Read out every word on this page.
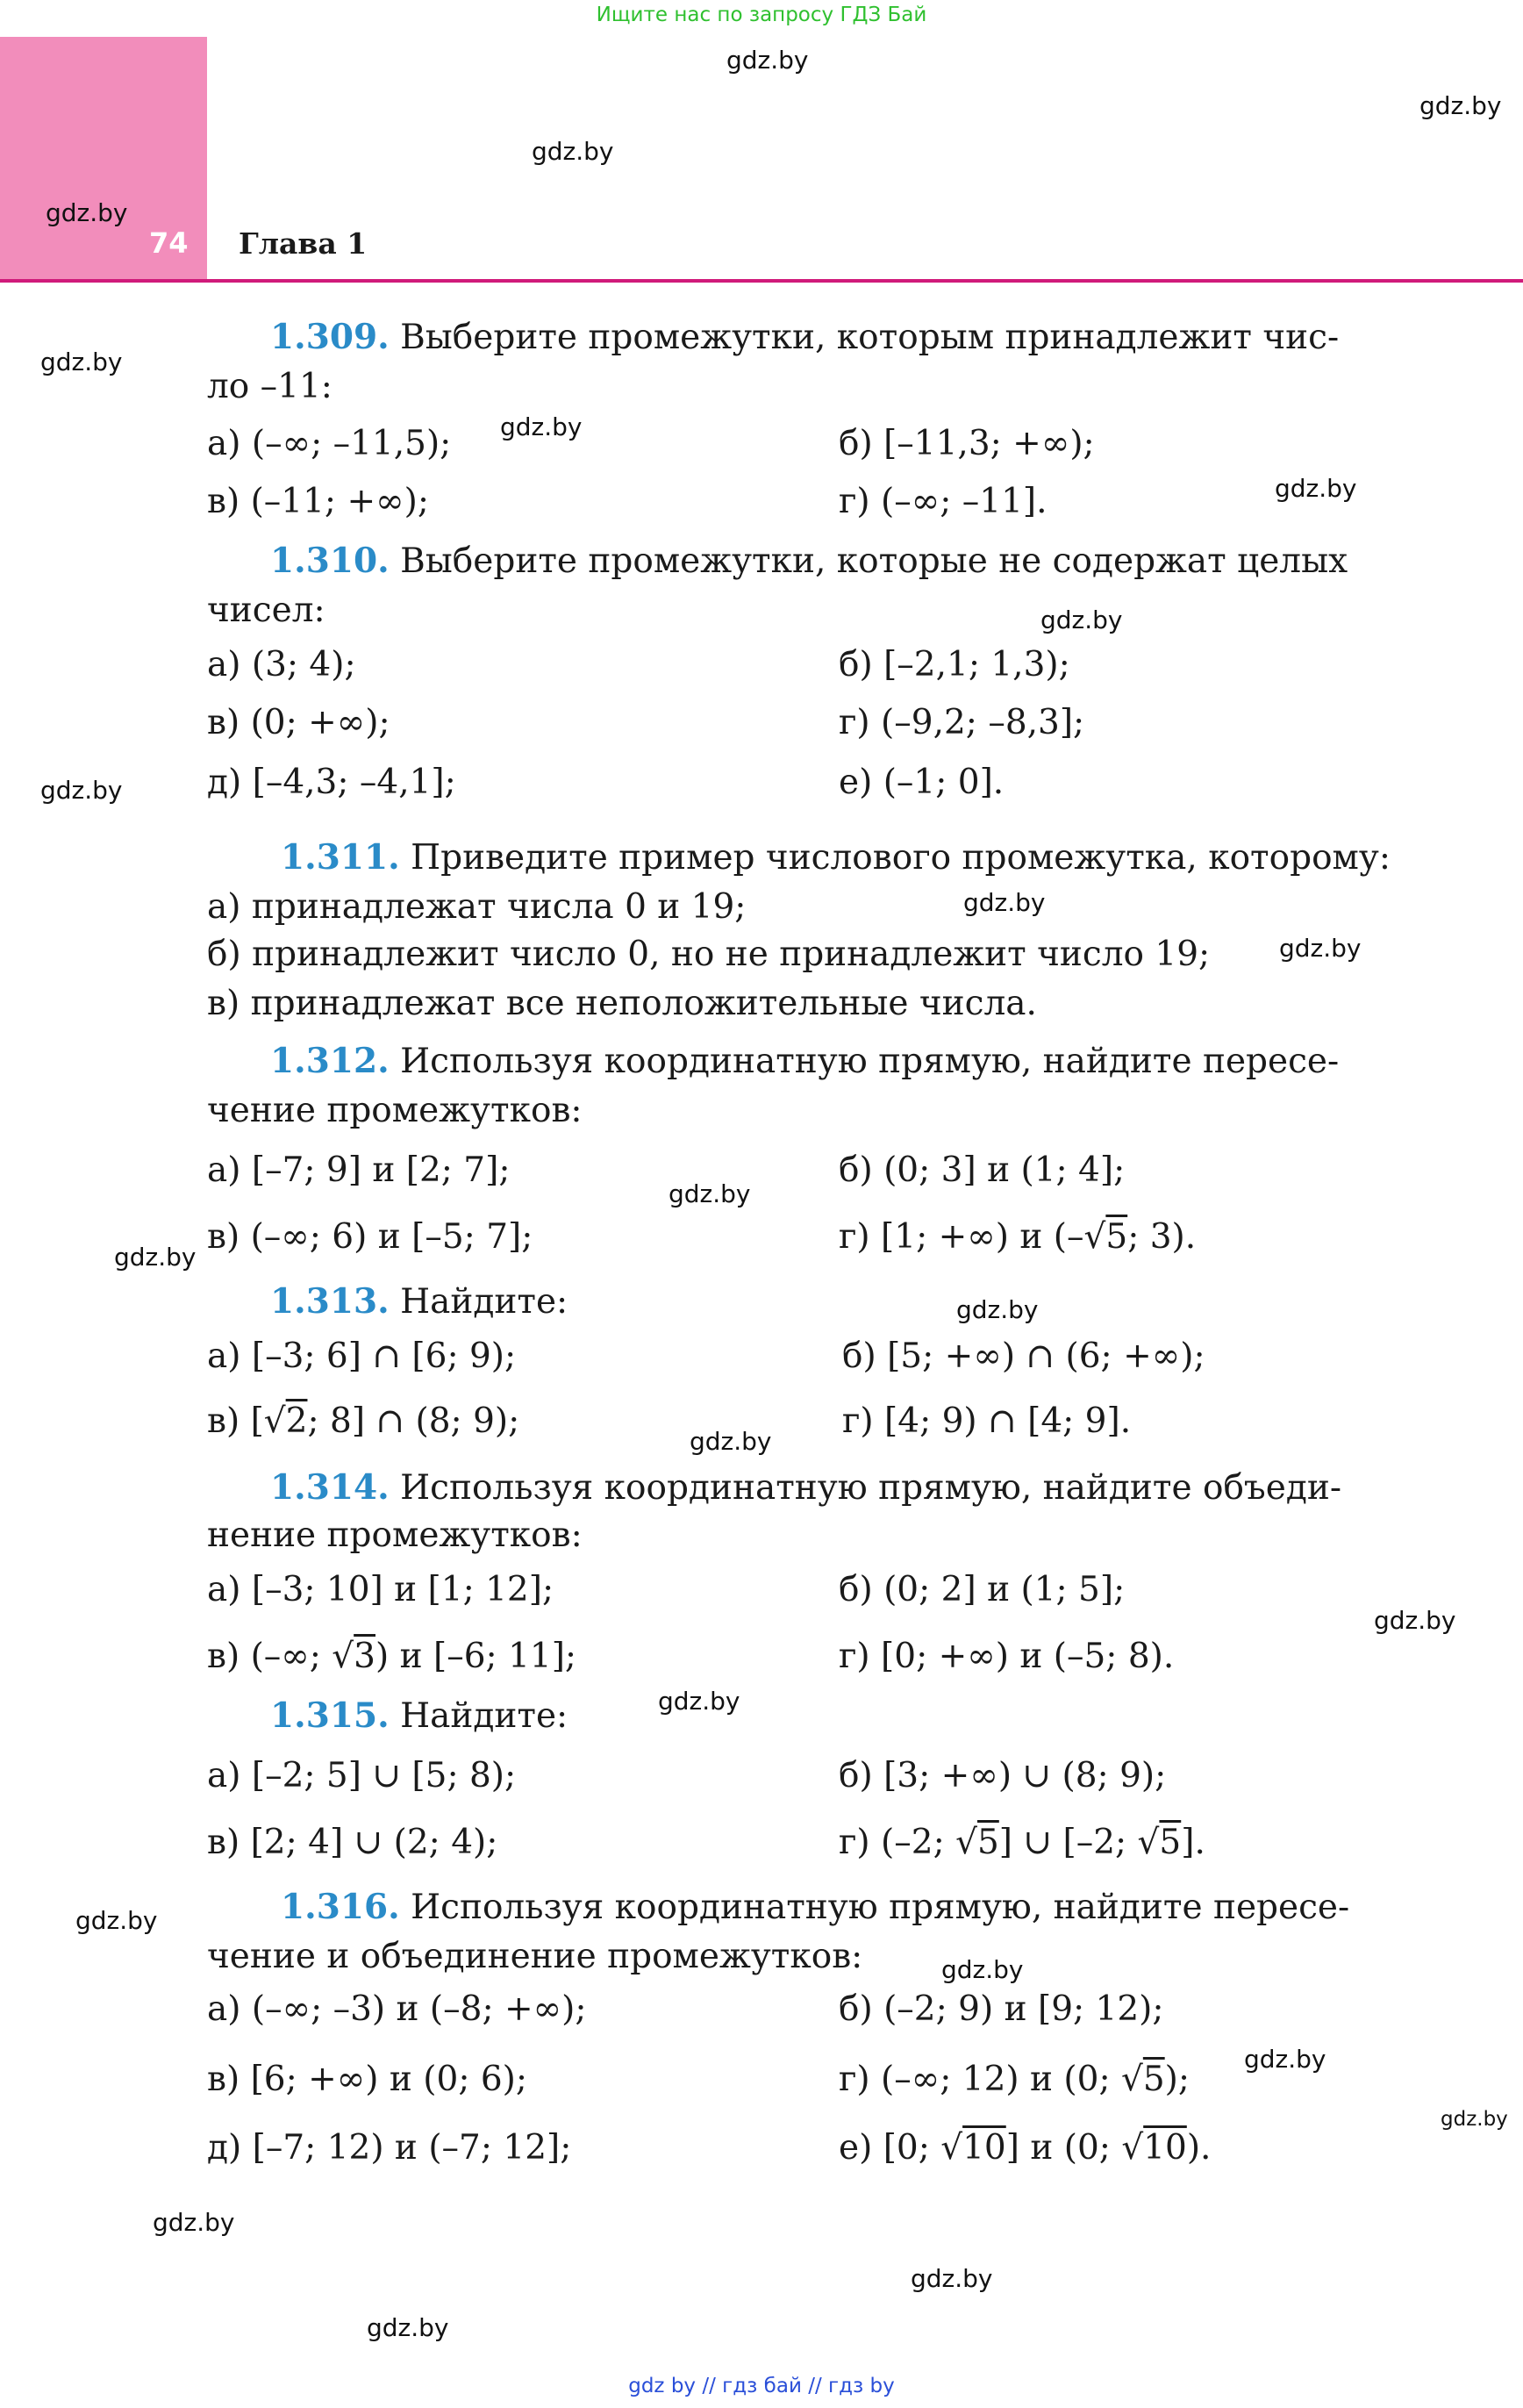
Ищите нас по запросу ГДЗ Бай
74 Глава 1
gdz.by
gdz.by
gdz.by
gdz.by
gdz.by
gdz.by
gdz.by
gdz.by
gdz.by
gdz.by
gdz.by
gdz.by
gdz.by
gdz.by
gdz.by
gdz.by
gdz.by
gdz.by
gdz.by
gdz.by
gdz.by
gdz.by
gdz.by
gdz.by
1.309. Выберите промежутки, которым принадлежит чис-
ло –11:
а) (–∞; –11,5);	б) [–11,3; +∞);
в) (–11; +∞);	г) (–∞; –11].
1.310. Выберите промежутки, которые не содержат целых
чисел:
а) (3; 4);	б) [–2,1; 1,3);
в) (0; +∞);	г) (–9,2; –8,3];
д) [–4,3; –4,1];	е) (–1; 0].
1.311. Приведите пример числового промежутка, которому:
а) принадлежат числа 0 и 19;
б) принадлежит число 0, но не принадлежит число 19;
в) принадлежат все неположительные числа.
1.312. Используя координатную прямую, найдите пересе-
чение промежутков:
а) [–7; 9] и [2; 7];	б) (0; 3] и (1; 4];
в) (–∞; 6) и [–5; 7];	г) [1; +∞) и (–√5; 3).
1.313. Найдите:
а) [–3; 6] ∩ [6; 9);	б) [5; +∞) ∩ (6; +∞);
в) [√2; 8] ∩ (8; 9);	г) [4; 9) ∩ [4; 9].
1.314. Используя координатную прямую, найдите объеди-
нение промежутков:
а) [–3; 10] и [1; 12];	б) (0; 2] и (1; 5];
в) (–∞; √3) и [–6; 11];	г) [0; +∞) и (–5; 8).
1.315. Найдите:
а) [–2; 5] ∪ [5; 8);	б) [3; +∞) ∪ (8; 9);
в) [2; 4] ∪ (2; 4);	г) (–2; √5] ∪ [–2; √5].
1.316. Используя координатную прямую, найдите пересе-
чение и объединение промежутков:
а) (–∞; –3) и (–8; +∞);	б) (–2; 9) и [9; 12);
в) [6; +∞) и (0; 6);	г) (–∞; 12) и (0; √5);
д) [–7; 12) и (–7; 12];	е) [0; √10] и (0; √10).
gdz by // гдз бай // гдз by
